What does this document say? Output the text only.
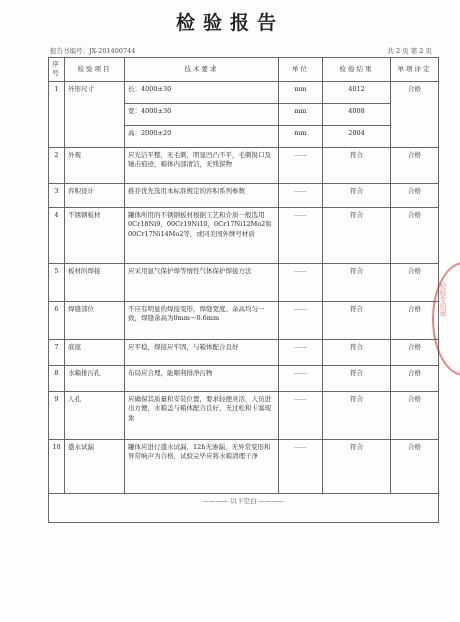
检验报告
报告书编号：JX-201400744	共 2 页 第 2 页
序号	检验项目	技术要求	单位	检验结果	单项评定
1	外形尺寸	长：4000±30	mm	4012	合格
		宽：4000±30	mm	4008	
		高：2000±20	mm	2004	
2	外观	应光洁平整，无毛刺，明显凹凸不平，毛刺锐口及锤击痕迹，箱体内部清洁，无残留物	——	符合	合格
3	容积设计	推荐优先选用本标准规定的容积系列参数	——	符合	合格
4	不锈钢板材	罐体所用的不锈钢板材根据工艺和介质一般选用0Cr18Ni9，00Cr19Ni10，0Cr17Ni12Mo2和00Cr17Ni14Mo2等，或同美国外牌号材质	——	符合	合格
5	板材的焊接	应采用氩气保护焊等惰性气体保护焊接方法	——	符合	合格
6	焊缝部位	不应有明显的焊接变形，焊缝宽度、余高均匀一致，焊缝余高为0mm～0.6mm	——	符合	合格
7	底座	应平稳，焊接应牢固，与箱体配合良好	——	符合	合格
8	水箱排污孔	布局应合理，能顺利排净污物	——	符合	合格
9	人孔	应确保其质量和安装位置，要求轻便灵活，人员进出方便，水箱盖与箱体配合良好，无过松和卡塞现象	——	符合	合格
10	盛水试漏	罐体应进行盛水试漏，12h无渗漏，无异常变形和异常响声为合格，试验完毕应将水箱清理干净	——	符合	合格
———— 以下空白 ————					
检验专用章
